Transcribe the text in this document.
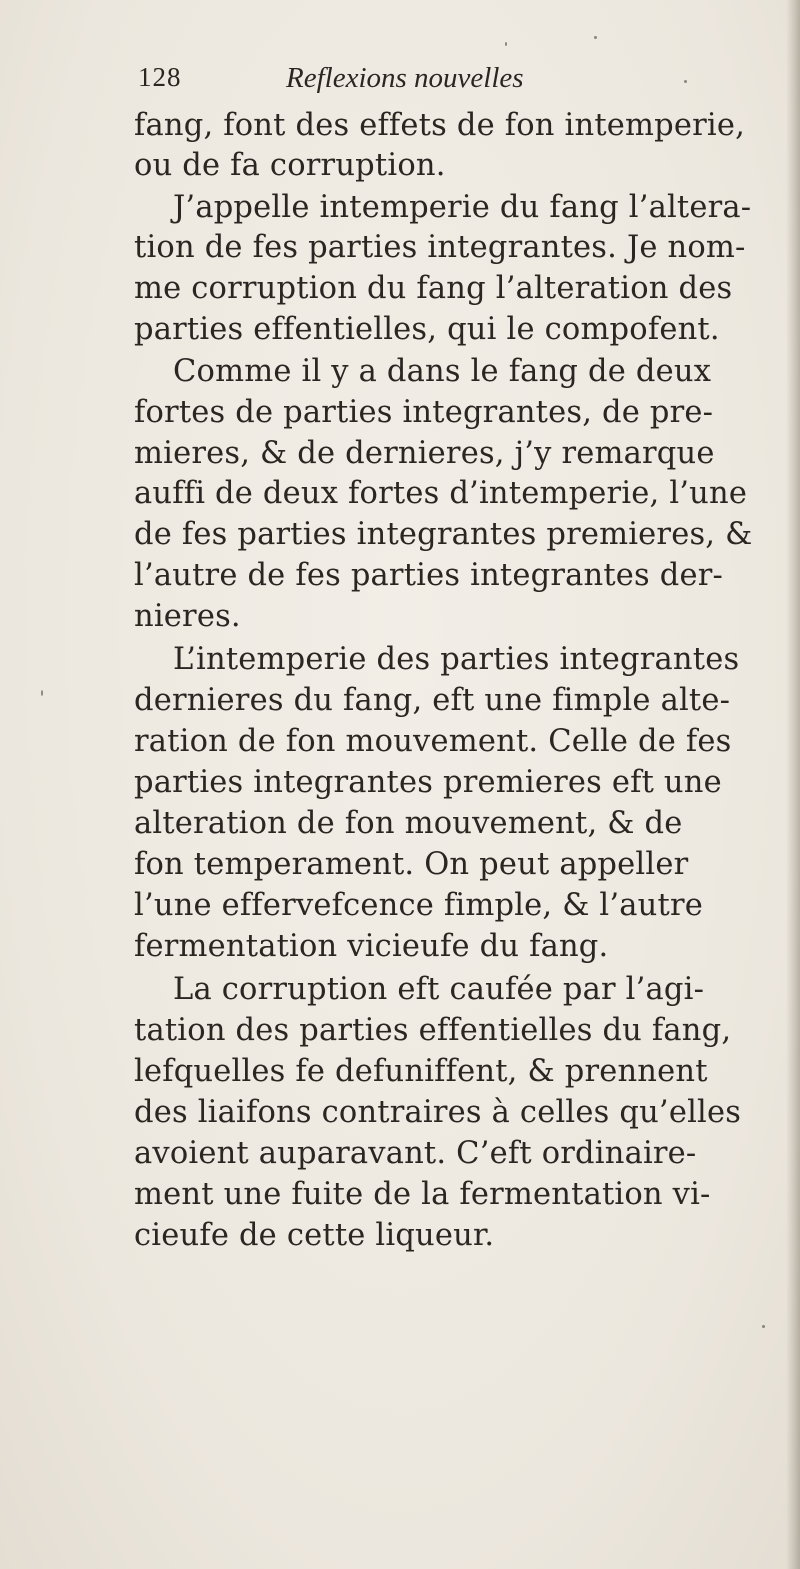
128	Reflexions nouvelles
fang, font des effets de fon intemperie,
ou de fa corruption.
J’appelle intemperie du fang l’altera-
tion de fes parties integrantes. Je nom-
me corruption du fang l’alteration des
parties effentielles, qui le compofent.
Comme il y a dans le fang de deux
fortes de parties integrantes, de pre-
mieres, & de dernieres, j’y remarque
auffi de deux fortes d’intemperie, l’une
de fes parties integrantes premieres, &
l’autre de fes parties integrantes der-
nieres.
L’intemperie des parties integrantes
dernieres du fang, eft une fimple alte-
ration de fon mouvement. Celle de fes
parties integrantes premieres eft une
alteration de fon mouvement, & de
fon temperament. On peut appeller
l’une effervefcence fimple, & l’autre
fermentation vicieufe du fang.
La corruption eft caufée par l’agi-
tation des parties effentielles du fang,
lefquelles fe defuniffent, & prennent
des liaifons contraires à celles qu’elles
avoient auparavant. C’eft ordinaire-
ment une fuite de la fermentation vi-
cieufe de cette liqueur.
